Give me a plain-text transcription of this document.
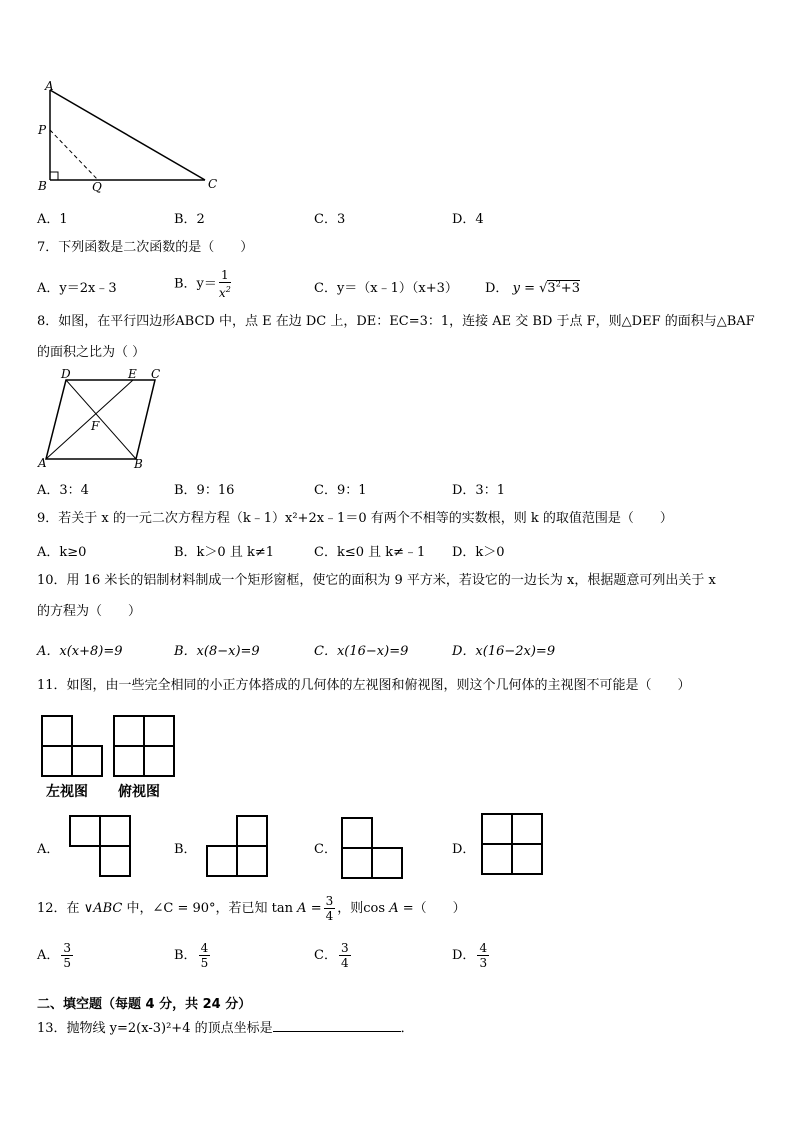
A
P
B	Q	C
A．1	B．2	C．3	D．4
7．下列函数是二次函数的是（　　）
A．y＝2x﹣3	B．$y= \frac{1}{x^2}$	C．y＝（x﹣1）（x+3） D． $y = √3^2+3$
8．如图，在平行四边形ABCD 中，点 E 在边 DC 上，DE：EC=3：1，连接 AE 交 BD 于点 F，则△DEF 的面积与△BAF
的面积之比为（ ）
D	E C
F
A	B
A．3：4	B．9：16	C．9：1	D．3：1
9．若关于 x 的一元二次方程方程（k﹣1）x²+2x﹣1＝0 有两个不相等的实数根，则 k 的取值范围是（　　）
A．k≥0	B．k＞0 且 k≠1	C．k≤0 且 k≠﹣1 D．k＞0
10．用 16 米长的铝制材料制成一个矩形窗框，使它的面积为 9 平方米，若设它的一边长为 x，根据题意可列出关于 x
的方程为（　　）
A．x(x+8)=9	B．x(8−x)=9	C．x(16−x)=9	D．x(16−2x)=9
11．如图，由一些完全相同的小正方体搭成的几何体的左视图和俯视图，则这个几何体的主视图不可能是（　　）
左视图 俯视图
A．	B．	C．	D．
12．在 ∨ABC 中，∠C = 90°，若已知 $\tan A = \frac{3}{4}$ ，则cos A =（　　）
A． $\frac{3}{5}$	B． $\frac{4}{5}$	C． $\frac{3}{4}$	D． $\frac{4}{3}$
二、填空题（每题 4 分，共 24 分）
13．抛物线 y=2(x-3)²+4 的顶点坐标是	．
